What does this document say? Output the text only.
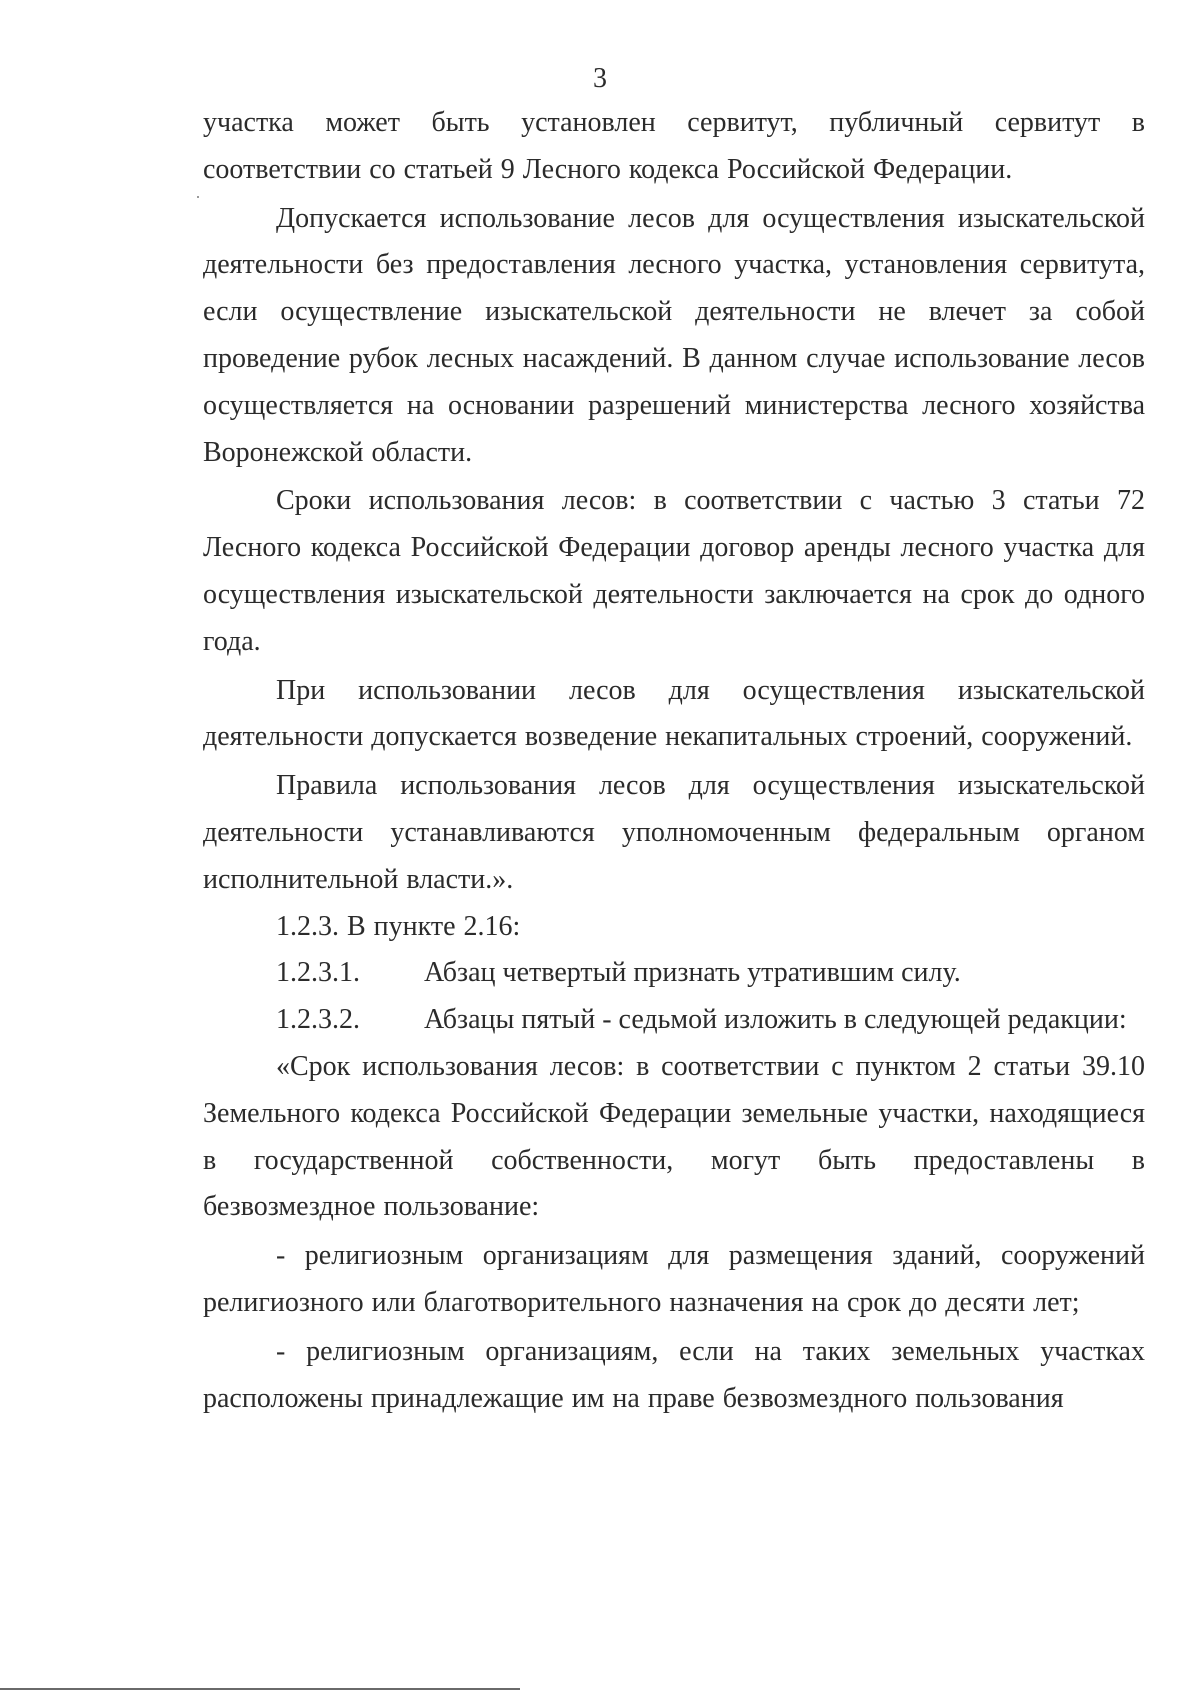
3

участка может быть установлен сервитут, публичный сервитут в соответствии со статьей 9 Лесного кодекса Российской Федерации.

Допускается использование лесов для осуществления изыскательской деятельности без предоставления лесного участка, установления сервитута, если осуществление изыскательской деятельности не влечет за собой проведение рубок лесных насаждений. В данном случае использование лесов осуществляется на основании разрешений министерства лесного хозяйства Воронежской области.

Сроки использования лесов: в соответствии с частью 3 статьи 72 Лесного кодекса Российской Федерации договор аренды лесного участка для осуществления изыскательской деятельности заключается на срок до одного года.

При использовании лесов для осуществления изыскательской деятельности допускается возведение некапитальных строений, сооружений.

Правила использования лесов для осуществления изыскательской деятельности устанавливаются уполномоченным федеральным органом исполнительной власти.».

1.2.3. В пункте 2.16:

1.2.3.1.	Абзац четвертый признать утратившим силу.
1.2.3.2.	Абзацы пятый - седьмой изложить в следующей редакции:

«Срок использования лесов: в соответствии с пунктом 2 статьи 39.10 Земельного кодекса Российской Федерации земельные участки, находящиеся в государственной собственности, могут быть предоставлены в безвозмездное пользование:

- религиозным организациям для размещения зданий, сооружений религиозного или благотворительного назначения на срок до десяти лет;

- религиозным организациям, если на таких земельных участках расположены принадлежащие им на праве безвозмездного пользования
